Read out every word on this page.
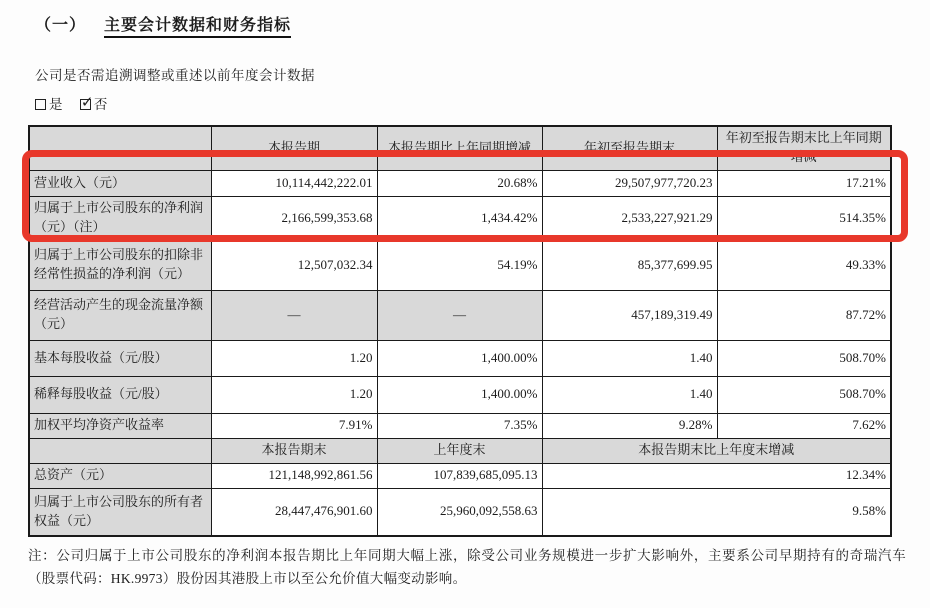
（一） 主要会计数据和财务指标
公司是否需追溯调整或重述以前年度会计数据
是 ✓ 否
	本报告期	本报告期比上年同期增减	年初至报告期末	年初至报告期末比上年同期增减
营业收入（元）	10,114,442,222.01	20.68%	29,507,977,720.23	17.21%
归属于上市公司股东的净利润（元）（注）	2,166,599,353.68	1,434.42%	2,533,227,921.29	514.35%
归属于上市公司股东的扣除非经常性损益的净利润（元）	12,507,032.34	54.19%	85,377,699.95	49.33%
经营活动产生的现金流量净额（元）	—	—	457,189,319.49	87.72%
基本每股收益（元/股）	1.20	1,400.00%	1.40	508.70%
稀释每股收益（元/股）	1.20	1,400.00%	1.40	508.70%
加权平均净资产收益率	7.91%	7.35%	9.28%	7.62%
	本报告期末	上年度末	本报告期末比上年度末增减	
总资产（元）	121,148,992,861.56	107,839,685,095.13	12.34%	
归属于上市公司股东的所有者权益（元）	28,447,476,901.60	25,960,092,558.63	9.58%	
注：公司归属于上市公司股东的净利润本报告期比上年同期大幅上涨，除受公司业务规模进一步扩大影响外，主要系公司早期持有的奇瑞汽车（股票代码：HK.9973）股份因其港股上市以至公允价值大幅变动影响。
